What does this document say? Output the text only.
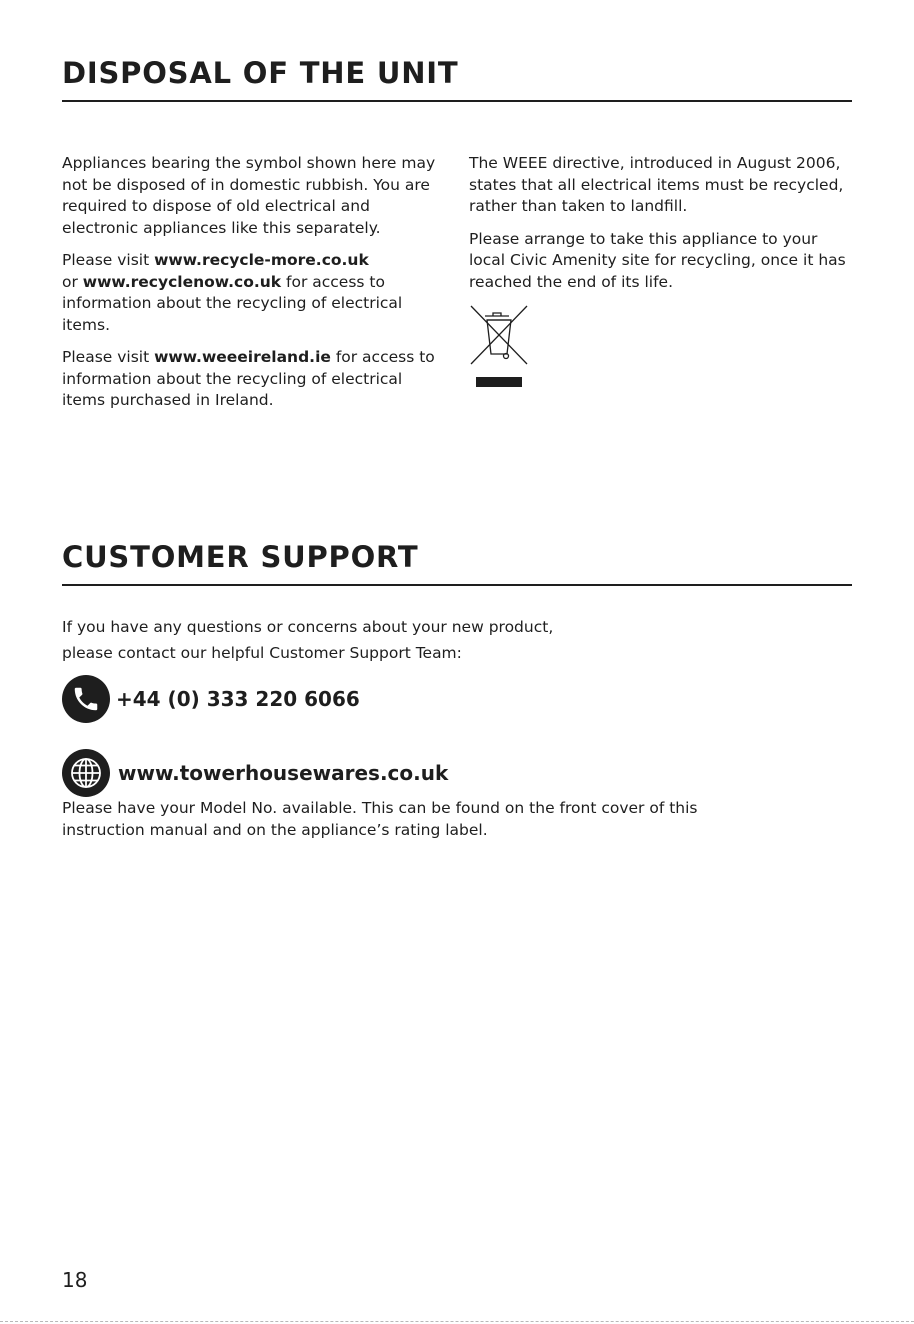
DISPOSAL OF THE UNIT

Appliances bearing the symbol shown here may not be disposed of in domestic rubbish. You are required to dispose of old electrical and electronic appliances like this separately.

Please visit www.recycle-more.co.uk
or www.recyclenow.co.uk for access to information about the recycling of electrical items.

Please visit www.weeeireland.ie for access to information about the recycling of electrical items purchased in Ireland.

The WEEE directive, introduced in August 2006, states that all electrical items must be recycled, rather than taken to landfill.

Please arrange to take this appliance to your local Civic Amenity site for recycling, once it has reached the end of its life.

CUSTOMER SUPPORT
If you have any questions or concerns about your new product,
please contact our helpful Customer Support Team:
+44 (0) 333 220 6066
www.towerhousewares.co.uk
Please have your Model No. available. This can be found on the front cover of this instruction manual and on the appliance’s rating label.
18
